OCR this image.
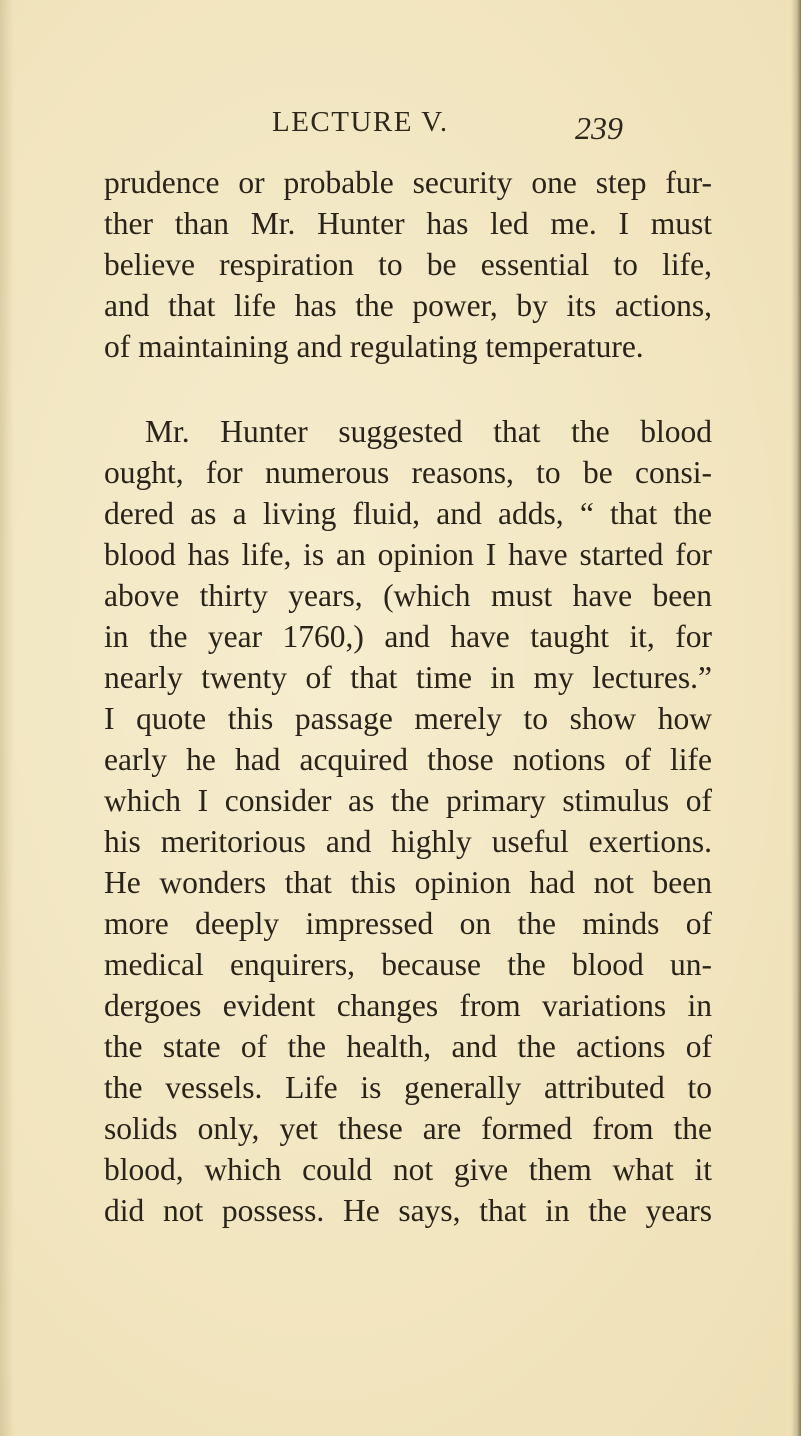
LECTURE V.	239
prudence or probable security one step fur-
ther than Mr. Hunter has led me. I must
believe respiration to be essential to life,
and that life has the power, by its actions,
of maintaining and regulating temperature.
Mr. Hunter suggested that the blood
ought, for numerous reasons, to be consi-
dered as a living fluid, and adds, “ that the
blood has life, is an opinion I have started for
above thirty years, (which must have been
in the year 1760,) and have taught it, for
nearly twenty of that time in my lectures.”
I quote this passage merely to show how
early he had acquired those notions of life
which I consider as the primary stimulus of
his meritorious and highly useful exertions.
He wonders that this opinion had not been
more deeply impressed on the minds of
medical enquirers, because the blood un-
dergoes evident changes from variations in
the state of the health, and the actions of
the vessels. Life is generally attributed to
solids only, yet these are formed from the
blood, which could not give them what it
did not possess. He says, that in the years
